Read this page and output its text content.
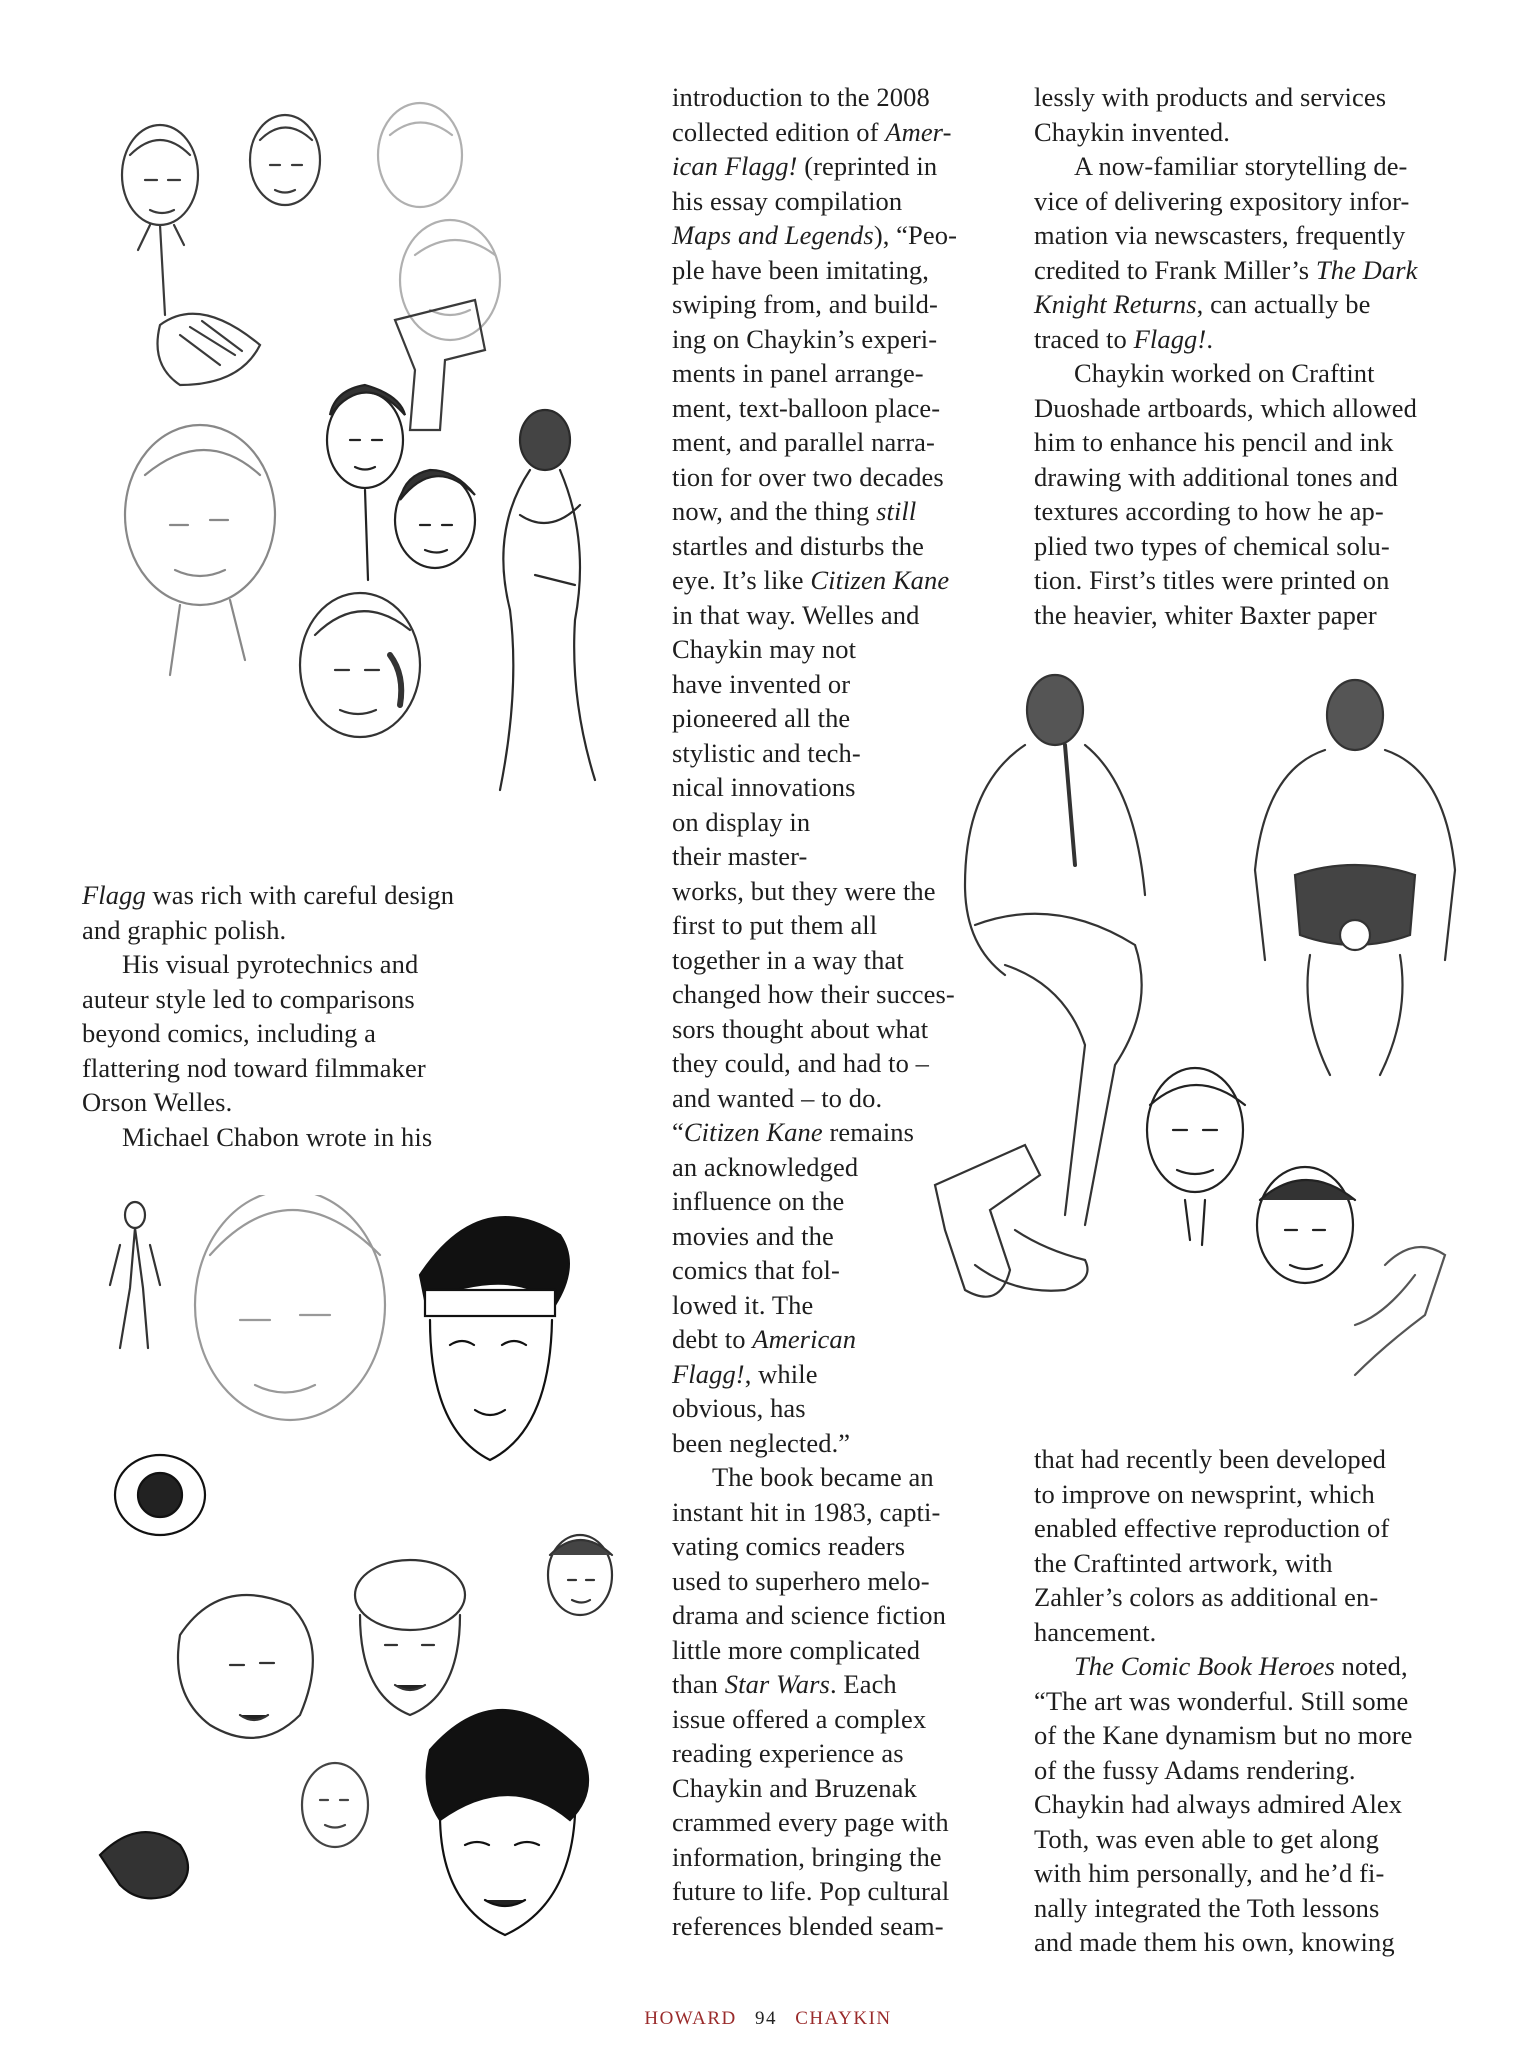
Flagg was rich with careful design
and graphic polish.
  His visual pyrotechnics and
auteur style led to comparisons
beyond comics, including a
flattering nod toward filmmaker
Orson Welles.
  Michael Chabon wrote in his
introduction to the 2008
collected edition of Amer-
ican Flagg! (reprinted in
his essay compilation
Maps and Legends), “Peo-
ple have been imitating,
swiping from, and build-
ing on Chaykin’s experi-
ments in panel arrange-
ment, text-balloon place-
ment, and parallel narra-
tion for over two decades
now, and the thing still
startles and disturbs the
eye. It’s like Citizen Kane
in that way. Welles and
Chaykin may not
have invented or
pioneered all the
stylistic and tech-
nical innovations
on display in
their master-
works, but they were the
first to put them all
together in a way that
changed how their succes-
sors thought about what
they could, and had to –
and wanted – to do.
“Citizen Kane remains
an acknowledged
influence on the
movies and the
comics that fol-
lowed it. The
debt to American
Flagg!, while
obvious, has
been neglected.”
  The book became an
instant hit in 1983, capti-
vating comics readers
used to superhero melo-
drama and science fiction
little more complicated
than Star Wars. Each
issue offered a complex
reading experience as
Chaykin and Bruzenak
crammed every page with
information, bringing the
future to life. Pop cultural
references blended seam-
lessly with products and services
Chaykin invented.
  A now-familiar storytelling de-
vice of delivering expository infor-
mation via newscasters, frequently
credited to Frank Miller’s The Dark
Knight Returns, can actually be
traced to Flagg!.
  Chaykin worked on Craftint
Duoshade artboards, which allowed
him to enhance his pencil and ink
drawing with additional tones and
textures according to how he ap-
plied two types of chemical solu-
tion. First’s titles were printed on
the heavier, whiter Baxter paper
that had recently been developed
to improve on newsprint, which
enabled effective reproduction of
the Craftinted artwork, with
Zahler’s colors as additional en-
hancement.
  The Comic Book Heroes noted,
“The art was wonderful. Still some
of the Kane dynamism but no more
of the fussy Adams rendering.
Chaykin had always admired Alex
Toth, was even able to get along
with him personally, and he’d fi-
nally integrated the Toth lessons
and made them his own, knowing
HOWARD 94 CHAYKIN
